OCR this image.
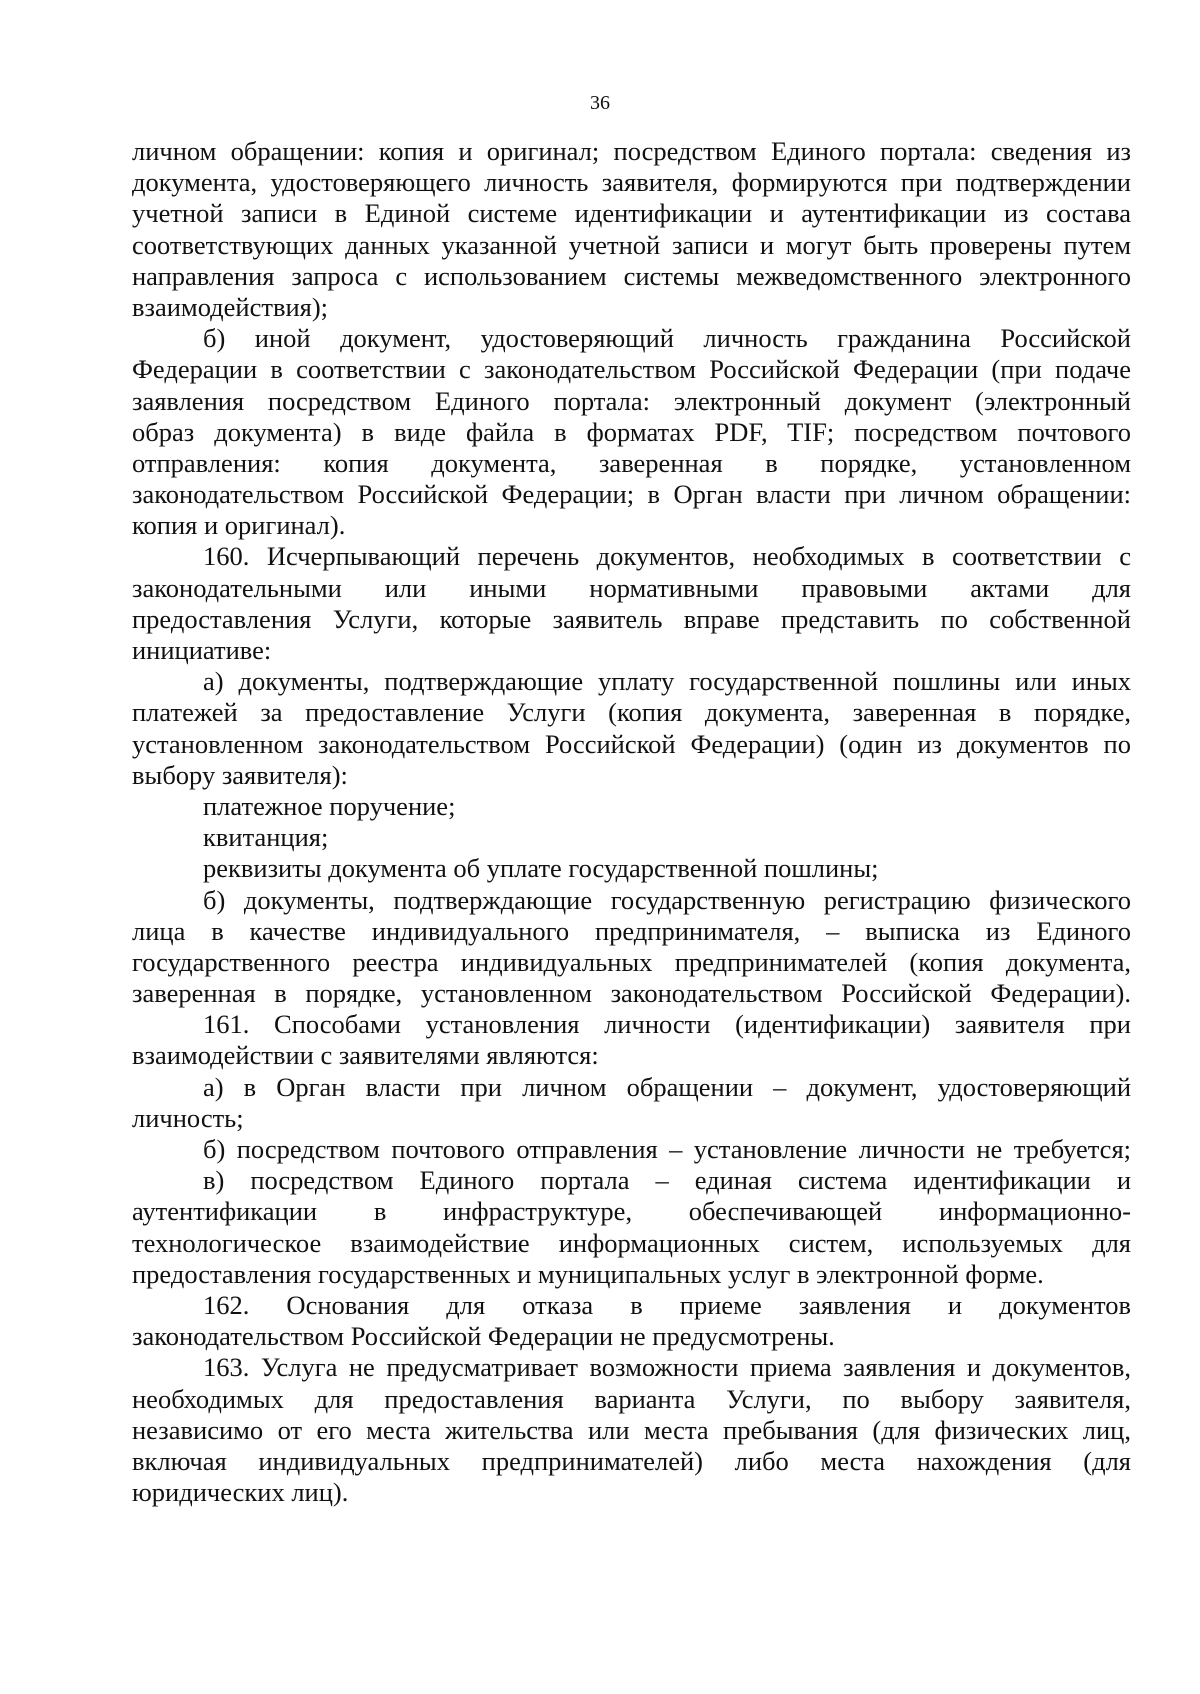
36
личном обращении: копия и оригинал; посредством Единого портала: сведения из
документа, удостоверяющего личность заявителя, формируются при подтверждении
учетной записи в Единой системе идентификации и аутентификации из состава
соответствующих данных указанной учетной записи и могут быть проверены путем
направления запроса с использованием системы межведомственного электронного
взаимодействия);
б) иной документ, удостоверяющий личность гражданина Российской
Федерации в соответствии с законодательством Российской Федерации (при подаче
заявления посредством Единого портала: электронный документ (электронный
образ документа) в виде файла в форматах PDF, TIF; посредством почтового
отправления: копия документа, заверенная в порядке, установленном
законодательством Российской Федерации; в Орган власти при личном обращении:
копия и оригинал).
160. Исчерпывающий перечень документов, необходимых в соответствии с
законодательными или иными нормативными правовыми актами для
предоставления Услуги, которые заявитель вправе представить по собственной
инициативе:
а) документы, подтверждающие уплату государственной пошлины или иных
платежей за предоставление Услуги (копия документа, заверенная в порядке,
установленном законодательством Российской Федерации) (один из документов по
выбору заявителя):
платежное поручение;
квитанция;
реквизиты документа об уплате государственной пошлины;
б) документы, подтверждающие государственную регистрацию физического
лица в качестве индивидуального предпринимателя, – выписка из Единого
государственного реестра индивидуальных предпринимателей (копия документа,
заверенная в порядке, установленном законодательством Российской Федерации).
161. Способами установления личности (идентификации) заявителя при
взаимодействии с заявителями являются:
а) в Орган власти при личном обращении – документ, удостоверяющий
личность;
б) посредством почтового отправления – установление личности не требуется;
в) посредством Единого портала – единая система идентификации и
аутентификации в инфраструктуре, обеспечивающей информационно-
технологическое взаимодействие информационных систем, используемых для
предоставления государственных и муниципальных услуг в электронной форме.
162. Основания для отказа в приеме заявления и документов
законодательством Российской Федерации не предусмотрены.
163. Услуга не предусматривает возможности приема заявления и документов,
необходимых для предоставления варианта Услуги, по выбору заявителя,
независимо от его места жительства или места пребывания (для физических лиц,
включая индивидуальных предпринимателей) либо места нахождения (для
юридических лиц).
